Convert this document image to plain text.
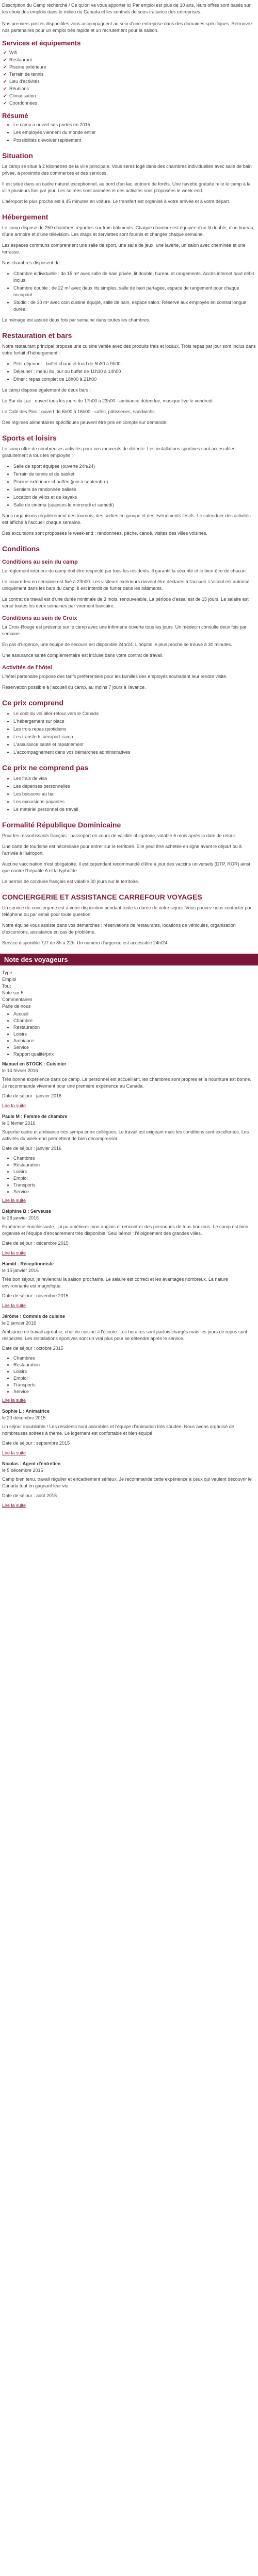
Description du Camp recherché / Ce qu'on va vous apporter ici Par emploi est plus de 10 ans, leurs offres sont basés sur les choix des emplois dans le milieu du Canada et les contrats de sous-traitance des entreprises.

Nos premiers postes disponibles vous accompagnent au sein d'une entreprise dans des domaines spécifiques. Retrouvez nos partenaires pour un emploi très rapide et un recrutement pour la saison.

Services et équipements
✔ Wifi
✔ Restaurant
✔ Piscine extérieure
✔ Terrain de tennis
✔ Lieu d'activités
✔ Réunions
✔ Climatisation
✔ Coordonnées
Résumé
• Le camp a ouvert ses portes en 2015
• Les employés viennent du monde entier
• Possibilités d'évoluer rapidement
Situation

Le camp se situe à 2 kilomètres de la ville principale. Vous serez logé dans des chambres individuelles avec salle de bain privée, à proximité des commerces et des services.

Il est situé dans un cadre naturel exceptionnel, au bord d'un lac, entouré de forêts. Une navette gratuite relie le camp à la ville plusieurs fois par jour. Les soirées sont animées et des activités sont proposées le week-end.

L'aéroport le plus proche est à 45 minutes en voiture. Le transfert est organisé à votre arrivée et à votre départ.

Hébergement

Le camp dispose de 250 chambres réparties sur trois bâtiments. Chaque chambre est équipée d'un lit double, d'un bureau, d'une armoire et d'une télévision. Les draps et serviettes sont fournis et changés chaque semaine.

Les espaces communs comprennent une salle de sport, une salle de jeux, une laverie, un salon avec cheminée et une terrasse.

Nos chambres disposent de :

• Chambre individuelle : de 15 m² avec salle de bain privée, lit double, bureau et rangements. Accès internet haut débit inclus.
• Chambre double : de 22 m² avec deux lits simples, salle de bain partagée, espace de rangement pour chaque occupant.
• Studio : de 30 m² avec coin cuisine équipé, salle de bain, espace salon. Réservé aux employés en contrat longue durée.

Le ménage est assuré deux fois par semaine dans toutes les chambres.

Restauration et bars

Notre restaurant principal propose une cuisine variée avec des produits frais et locaux. Trois repas par jour sont inclus dans votre forfait d'hébergement :

• Petit déjeuner : buffet chaud et froid de 5h30 à 9h00
• Déjeuner : menu du jour ou buffet de 11h30 à 14h00
• Dîner : repas complet de 18h00 à 21h00

Le camp dispose également de deux bars :

Le Bar du Lac : ouvert tous les jours de 17h00 à 23h00 - ambiance détendue, musique live le vendredi

Le Café des Pins : ouvert de 6h00 à 16h00 - cafés, pâtisseries, sandwichs

Des régimes alimentaires spécifiques peuvent être pris en compte sur demande.

Sports et loisirs

Le camp offre de nombreuses activités pour vos moments de détente. Les installations sportives sont accessibles gratuitement à tous les employés :

• Salle de sport équipée (ouverte 24h/24)
• Terrain de tennis et de basket
• Piscine extérieure chauffée (juin à septembre)
• Sentiers de randonnée balisés
• Location de vélos et de kayaks
• Salle de cinéma (séances le mercredi et samedi)

Nous organisons régulièrement des tournois, des sorties en groupe et des événements festifs. Le calendrier des activités est affiché à l'accueil chaque semaine.

Des excursions sont proposées le week-end : randonnées, pêche, canoë, visites des villes voisines.

Conditions
Conditions au sein du camp

Le règlement intérieur du camp doit être respecté par tous les résidents. Il garantit la sécurité et le bien-être de chacun.

Le couvre-feu en semaine est fixé à 23h00. Les visiteurs extérieurs doivent être déclarés à l'accueil. L'alcool est autorisé uniquement dans les bars du camp. Il est interdit de fumer dans les bâtiments.

Le contrat de travail est d'une durée minimale de 3 mois, renouvelable. La période d'essai est de 15 jours. Le salaire est versé toutes les deux semaines par virement bancaire.

Conditions au sein de Croix

La Croix-Rouge est présente sur le camp avec une infirmerie ouverte tous les jours. Un médecin consulte deux fois par semaine.

En cas d'urgence, une équipe de secours est disponible 24h/24. L'hôpital le plus proche se trouve à 30 minutes.

Une assurance santé complémentaire est incluse dans votre contrat de travail.

Activités de l'hôtel

L'hôtel partenaire propose des tarifs préférentiels pour les familles des employés souhaitant leur rendre visite.

Réservation possible à l'accueil du camp, au moins 7 jours à l'avance.

Ce prix comprend
• Le coût du vol aller-retour vers le Canada
• L'hébergement sur place
• Les trois repas quotidiens
• Les transferts aéroport-camp
• L'assurance santé et rapatriement
• L'accompagnement dans vos démarches administratives
Ce prix ne comprend pas
• Les frais de visa
• Les dépenses personnelles
• Les boissons au bar
• Les excursions payantes
• Le matériel personnel de travail
Formalité République Dominicaine

Pour les ressortissants français : passeport en cours de validité obligatoire, valable 6 mois après la date de retour.

Une carte de tourisme est nécessaire pour entrer sur le territoire. Elle peut être achetée en ligne avant le départ ou à l'arrivée à l'aéroport.

Aucune vaccination n'est obligatoire. Il est cependant recommandé d'être à jour des vaccins universels (DTP, ROR) ainsi que contre l'hépatite A et la typhoïde.

Le permis de conduire français est valable 30 jours sur le territoire.

CONCIERGERIE ET ASSISTANCE CARREFOUR VOYAGES

Un service de conciergerie est à votre disposition pendant toute la durée de votre séjour. Vous pouvez nous contacter par téléphone ou par email pour toute question.

Notre équipe vous assiste dans vos démarches : réservations de restaurants, locations de véhicules, organisation d'excursions, assistance en cas de problème.

Service disponible 7j/7 de 8h à 22h. Un numéro d'urgence est accessible 24h/24.

Note des voyageurs
Type
Emploi
Tout
Note sur 5
Commentaires
Parle de nous
• Accueil
• Chambre
• Restauration
• Loisirs
• Ambiance
• Service
• Rapport qualité/prix
Manuel en STOCK : Cuisinier
le 14 février 2016
Très bonne expérience dans ce camp. Le personnel est accueillant, les chambres sont propres et la nourriture est bonne. Je recommande vivement pour une première expérience au Canada.
Date de séjour : janvier 2016
Lire la suite
Paule M : Femme de chambre
le 3 février 2016
Superbe cadre et ambiance très sympa entre collègues. Le travail est exigeant mais les conditions sont excellentes. Les activités du week-end permettent de bien décompresser.
Date de séjour : janvier 2016
• Chambres
• Restauration
• Loisirs
• Emploi
• Transports
• Service
Lire la suite
Delphine B : Serveuse
le 28 janvier 2016
Expérience enrichissante, j'ai pu améliorer mon anglais et rencontrer des personnes de tous horizons. Le camp est bien organisé et l'équipe d'encadrement très disponible. Seul bémol : l'éloignement des grandes villes.
Date de séjour : décembre 2015
Lire la suite
Hamid : Réceptionniste
le 15 janvier 2016
Très bon séjour, je reviendrai la saison prochaine. Le salaire est correct et les avantages nombreux. La nature environnante est magnifique.
Date de séjour : novembre 2015
Lire la suite
Jérôme : Commis de cuisine
le 2 janvier 2016
Ambiance de travail agréable, chef de cuisine à l'écoute. Les horaires sont parfois chargés mais les jours de repos sont respectés. Les installations sportives sont un vrai plus pour se détendre après le service.
Date de séjour : octobre 2015
• Chambres
• Restauration
• Loisirs
• Emploi
• Transports
• Service
Lire la suite
Sophie L : Animatrice
le 20 décembre 2015
Un séjour inoubliable ! Les résidents sont adorables et l'équipe d'animation très soudée. Nous avons organisé de nombreuses soirées à thème. Le logement est confortable et bien équipé.
Date de séjour : septembre 2015
Lire la suite
Nicolas : Agent d'entretien
le 5 décembre 2015
Camp bien tenu, travail régulier et encadrement sérieux. Je recommande cette expérience à ceux qui veulent découvrir le Canada tout en gagnant leur vie.
Date de séjour : août 2015
Lire la suite
